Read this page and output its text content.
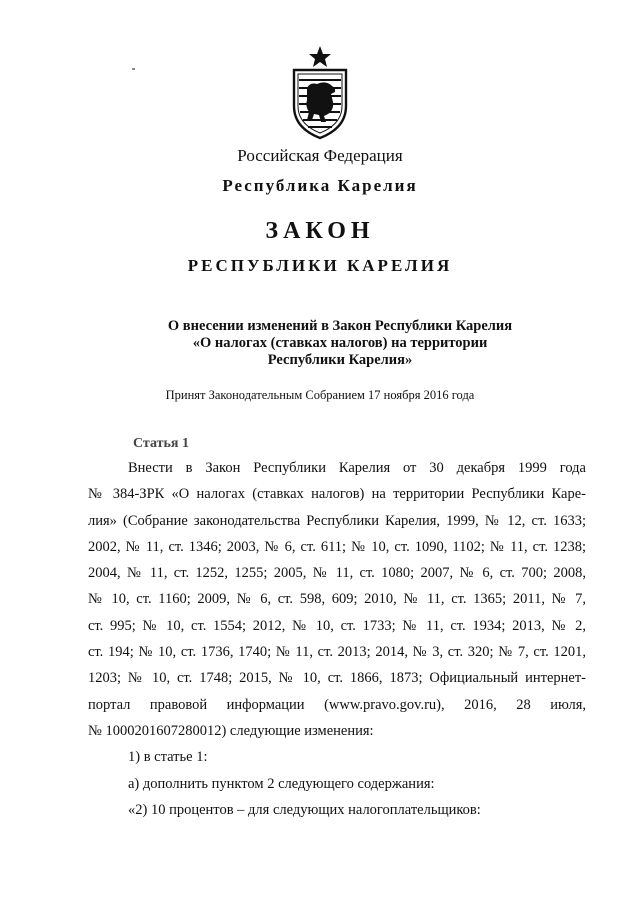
Российская Федерация
Республика Карелия
ЗАКОН
РЕСПУБЛИКИ КАРЕЛИЯ
О внесении изменений в Закон Республики Карелия
«О налогах (ставках налогов) на территории
Республики Карелия»
Принят Законодательным Собранием 17 ноября 2016 года
Статья 1
Внести в Закон Республики Карелия от 30 декабря 1999 года
№ 384-ЗРК «О налогах (ставках налогов) на территории Республики Каре-
лия» (Собрание законодательства Республики Карелия, 1999, № 12, ст. 1633;
2002, № 11, ст. 1346; 2003, № 6, ст. 611; № 10, ст. 1090, 1102; № 11, ст. 1238;
2004, № 11, ст. 1252, 1255; 2005, № 11, ст. 1080; 2007, № 6, ст. 700; 2008,
№ 10, ст. 1160; 2009, № 6, ст. 598, 609; 2010, № 11, ст. 1365; 2011, № 7,
ст. 995; № 10, ст. 1554; 2012, № 10, ст. 1733; № 11, ст. 1934; 2013, № 2,
ст. 194; № 10, ст. 1736, 1740; № 11, ст. 2013; 2014, № 3, ст. 320; № 7, ст. 1201,
1203; № 10, ст. 1748; 2015, № 10, ст. 1866, 1873; Официальный интернет-
портал правовой информации (www.pravo.gov.ru), 2016, 28 июля,
№ 1000201607280012) следующие изменения:
1) в статье 1:
а) дополнить пунктом 2 следующего содержания:
«2) 10 процентов – для следующих налогоплательщиков:
